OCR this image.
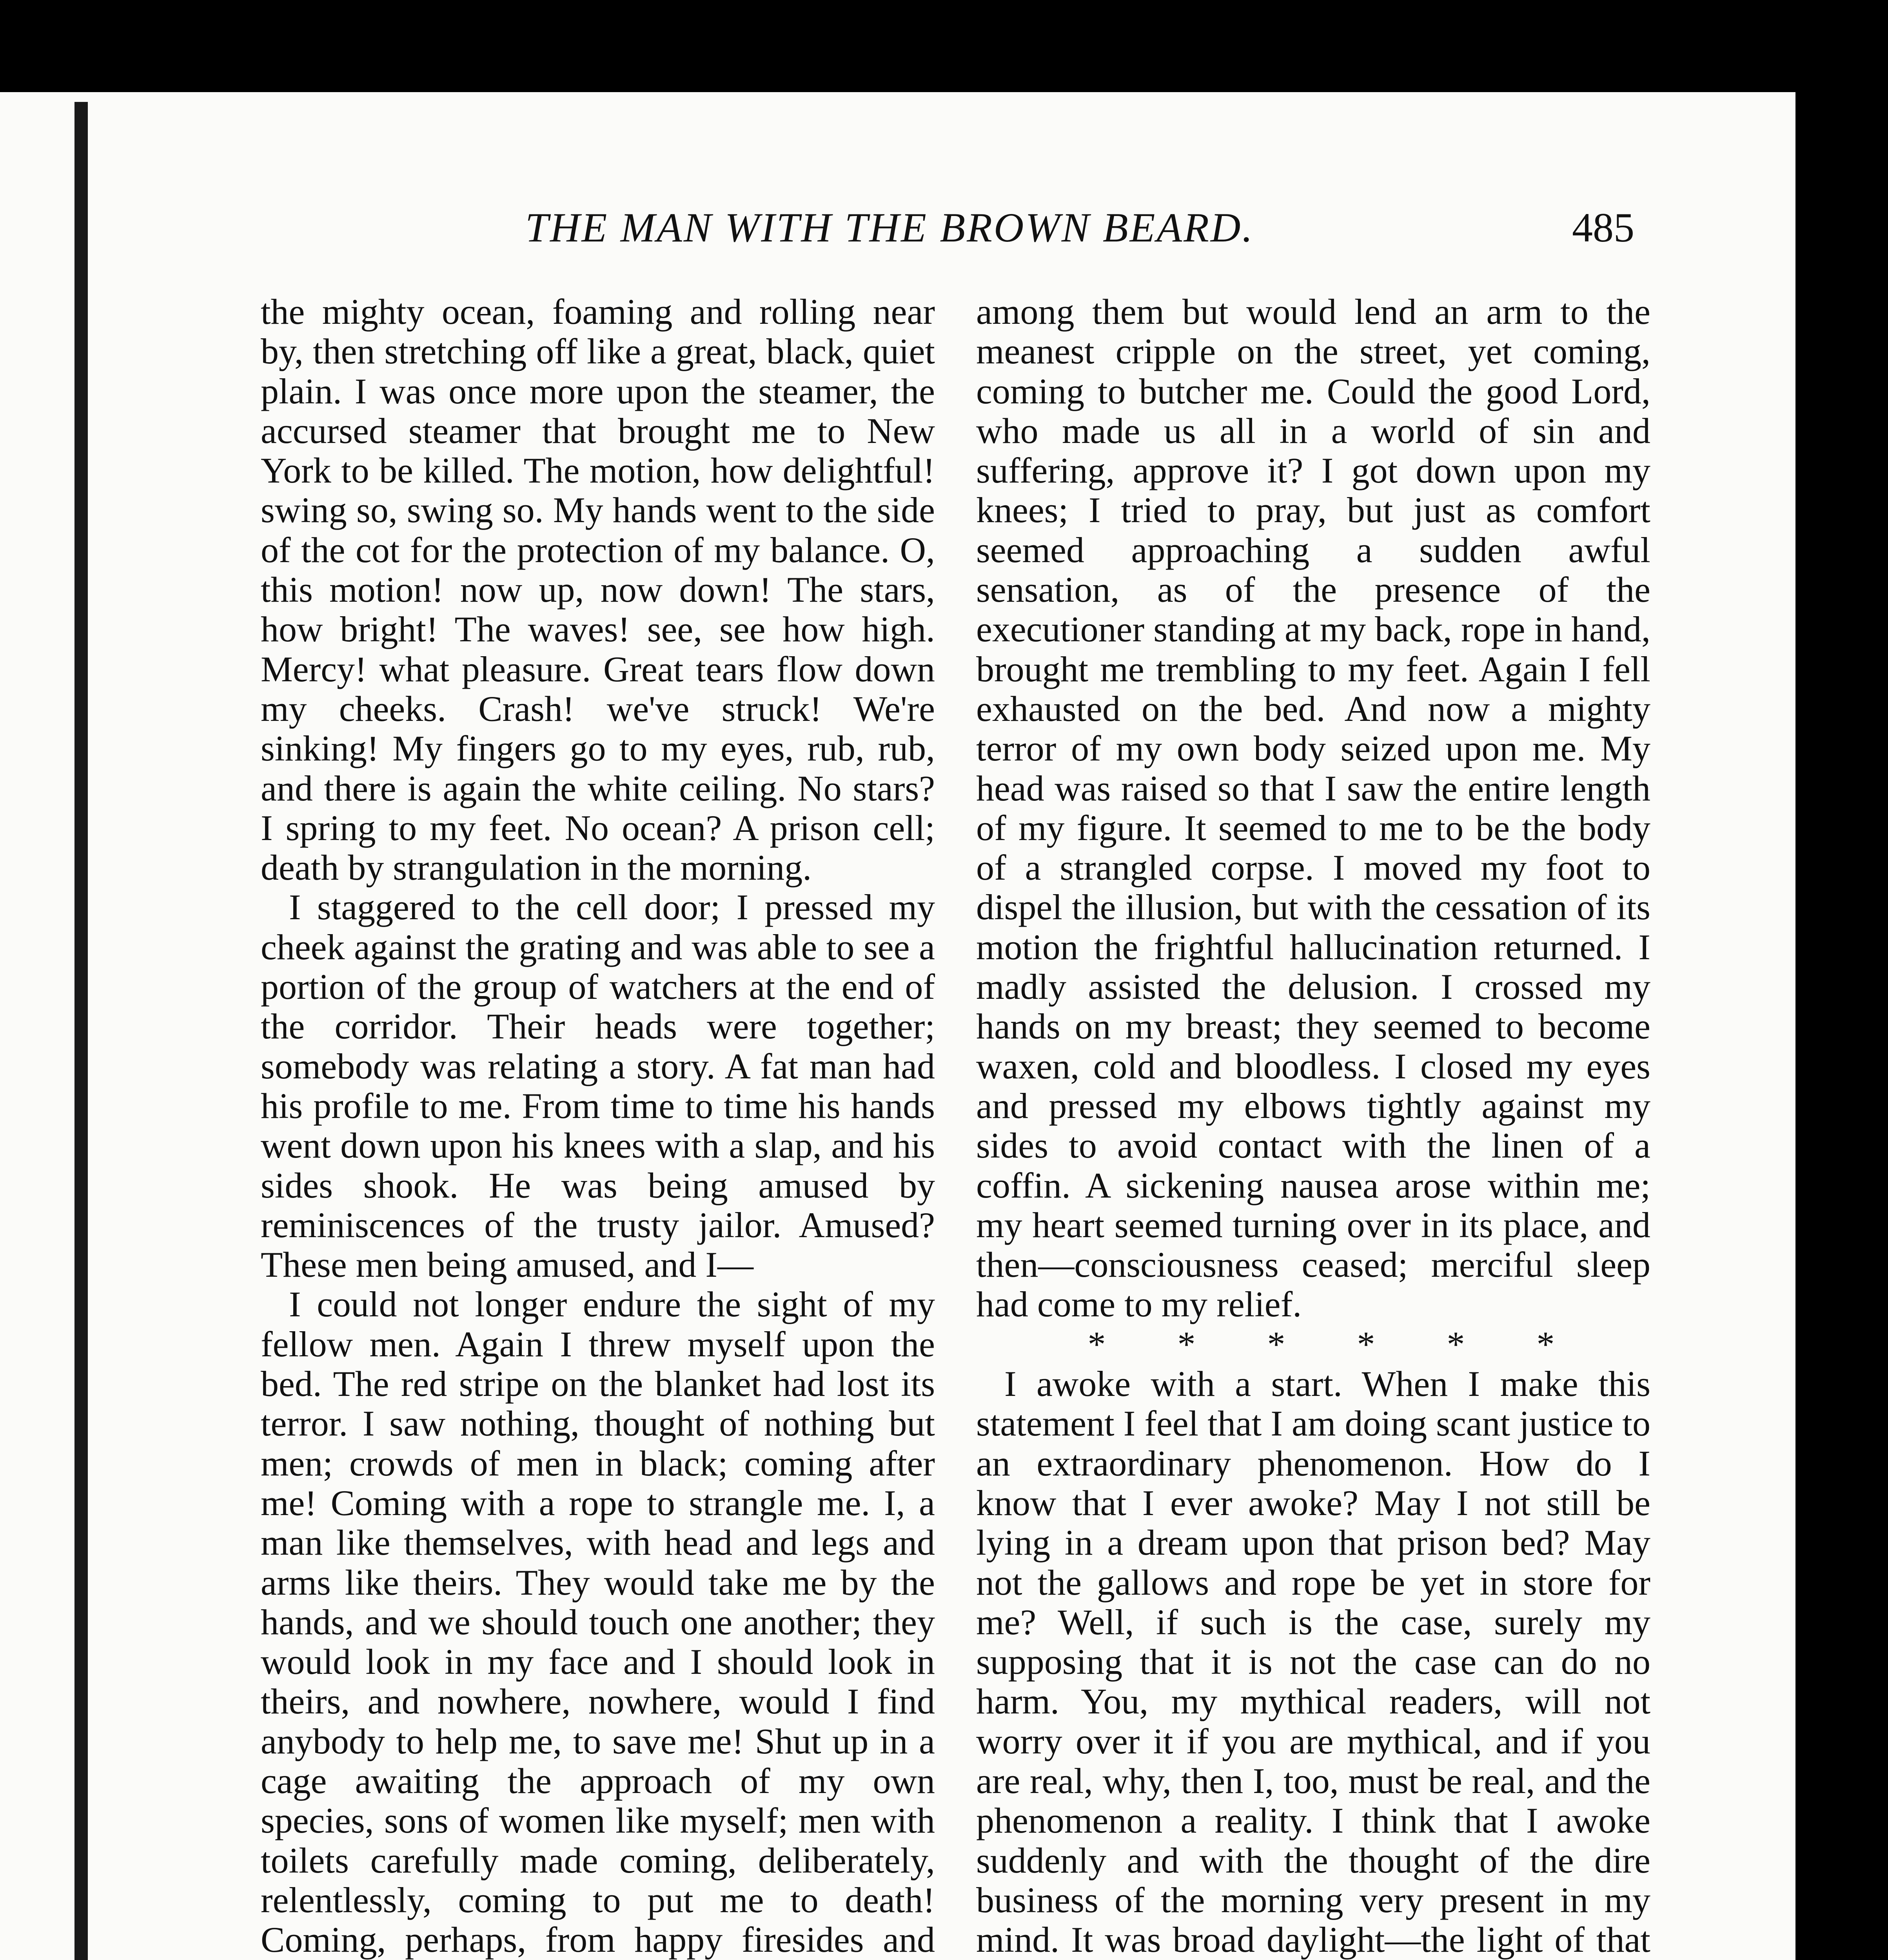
THE MAN WITH THE BROWN BEARD.	485

the mighty ocean, foaming and rolling near by, then stretching off like a great, black, quiet plain. I was once more upon the steamer, the accursed steamer that brought me to New York to be killed. The motion, how delightful! swing so, swing so. My hands went to the side of the cot for the protection of my balance. O, this motion! now up, now down! The stars, how bright! The waves! see, see how high. Mercy! what pleasure. Great tears flow down my cheeks. Crash! we've struck! We're sinking! My fingers go to my eyes, rub, rub, and there is again the white ceiling. No stars? I spring to my feet. No ocean? A prison cell; death by strangulation in the morning.

I staggered to the cell door; I pressed my cheek against the grating and was able to see a portion of the group of watchers at the end of the corridor. Their heads were together; somebody was relating a story. A fat man had his profile to me. From time to time his hands went down upon his knees with a slap, and his sides shook. He was being amused by reminiscences of the trusty jailor. Amused? These men being amused, and I—

I could not longer endure the sight of my fellow men. Again I threw myself upon the bed. The red stripe on the blanket had lost its terror. I saw nothing, thought of nothing but men; crowds of men in black; coming after me! Coming with a rope to strangle me. I, a man like themselves, with head and legs and arms like theirs. They would take me by the hands, and we should touch one another; they would look in my face and I should look in theirs, and nowhere, nowhere, would I find anybody to help me, to save me! Shut up in a cage awaiting the approach of my own species, sons of women like myself; men with toilets carefully made coming, deliberately, relentlessly, coming to put me to death! Coming, perhaps, from happy firesides and

among them but would lend an arm to the meanest cripple on the street, yet coming, coming to butcher me. Could the good Lord, who made us all in a world of sin and suffering, approve it? I got down upon my knees; I tried to pray, but just as comfort seemed approaching a sudden awful sensation, as of the presence of the executioner standing at my back, rope in hand, brought me trembling to my feet. Again I fell exhausted on the bed. And now a mighty terror of my own body seized upon me. My head was raised so that I saw the entire length of my figure. It seemed to me to be the body of a strangled corpse. I moved my foot to dispel the illusion, but with the cessation of its motion the frightful hallucination returned. I madly assisted the delusion. I crossed my hands on my breast; they seemed to become waxen, cold and bloodless. I closed my eyes and pressed my elbows tightly against my sides to avoid contact with the linen of a coffin. A sickening nausea arose within me; my heart seemed turning over in its place, and then—consciousness ceased; merciful sleep had come to my relief.

* * * * * *

I awoke with a start. When I make this statement I feel that I am doing scant justice to an extraordinary phenomenon. How do I know that I ever awoke? May I not still be lying in a dream upon that prison bed? May not the gallows and rope be yet in store for me? Well, if such is the case, surely my supposing that it is not the case can do no harm. You, my mythical readers, will not worry over it if you are mythical, and if you are real, why, then I, too, must be real, and the phenomenon a reality. I think that I awoke suddenly and with the thought of the dire business of the morning very present in my mind. It was broad daylight—the light of that
